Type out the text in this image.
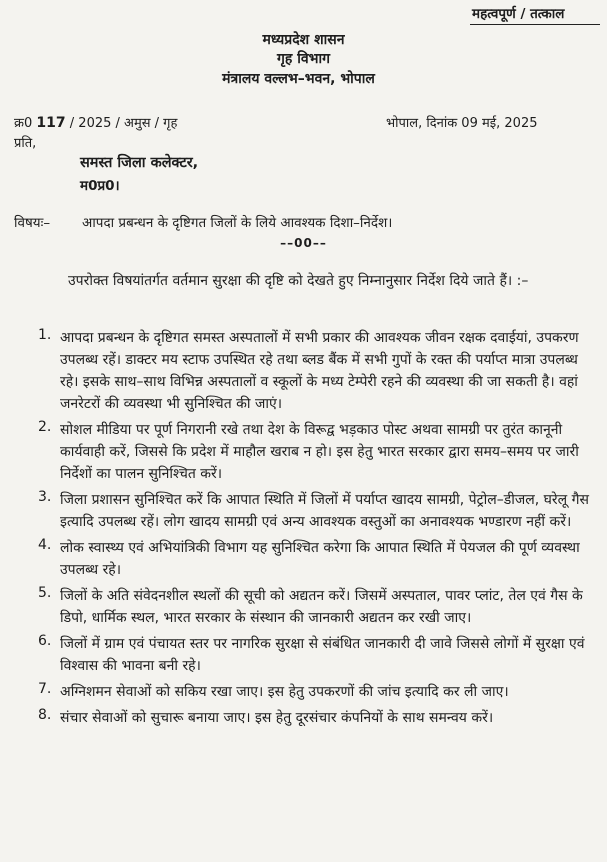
महत्वपूर्ण / तत्काल
मध्यप्रदेश शासन
गृह विभाग
मंत्रालय वल्लभ–भवन, भोपाल
क्र0 117 / 2025 / अमुस / गृह	भोपाल, दिनांक 09 मई, 2025
प्रति,
समस्त जिला कलेक्टर,
म0प्र0।
विषयः– आपदा प्रबन्धन के दृष्टिगत जिलों के लिये आवश्यक दिशा–निर्देश।
––00––
उपरोक्त विषयांतर्गत वर्तमान सुरक्षा की दृष्टि को देखते हुए निम्नानुसार निर्देश दिये जाते हैं। :–
1. आपदा प्रबन्धन के दृष्टिगत समस्त अस्पतालों में सभी प्रकार की आवश्यक जीवन रक्षक दवाईयां, उपकरण उपलब्ध रहें। डाक्टर मय स्टाफ उपस्थित रहे तथा ब्लड बैंक में सभी गुपों के रक्त की पर्याप्त मात्रा उपलब्ध रहे। इसके साथ–साथ विभिन्न अस्पतालों व स्कूलों के मध्य टेम्पेरी रहने की व्यवस्था की जा सकती है। वहां जनरेटरों की व्यवस्था भी सुनिश्चित की जाएं।
2. सोशल मीडिया पर पूर्ण निगरानी रखे तथा देश के विरूद्व भड़काउ पोस्ट अथवा सामग्री पर तुरंत कानूनी कार्यवाही करें, जिससे कि प्रदेश में माहौल खराब न हो। इस हेतु भारत सरकार द्वारा समय–समय पर जारी निर्देशों का पालन सुनिश्चित करें।
3. जिला प्रशासन सुनिश्चित करें कि आपात स्थिति में जिलों में पर्याप्त खादय सामग्री, पेट्रोल–डीजल, घरेलू गैस इत्यादि उपलब्ध रहें। लोग खादय सामग्री एवं अन्य आवश्यक वस्तुओं का अनावश्यक भण्डारण नहीं करें।
4. लोक स्वास्थ्य एवं अभियांत्रिकी विभाग यह सुनिश्चित करेगा कि आपात स्थिति में पेयजल की पूर्ण व्यवस्था उपलब्ध रहे।
5. जिलों के अति संवेदनशील स्थलों की सूची को अद्यतन करें। जिसमें अस्पताल, पावर प्लांट, तेल एवं गैस के डिपो, धार्मिक स्थल, भारत सरकार के संस्थान की जानकारी अद्यतन कर रखी जाए।
6. जिलों में ग्राम एवं पंचायत स्तर पर नागरिक सुरक्षा से संबंधित जानकारी दी जावे जिससे लोगों में सुरक्षा एवं विश्वास की भावना बनी रहे।
7. अग्निशमन सेवाओं को सकिय रखा जाए। इस हेतु उपकरणों की जांच इत्यादि कर ली जाए।
8. संचार सेवाओं को सुचारू बनाया जाए। इस हेतु दूरसंचार कंपनियों के साथ समन्वय करें।
